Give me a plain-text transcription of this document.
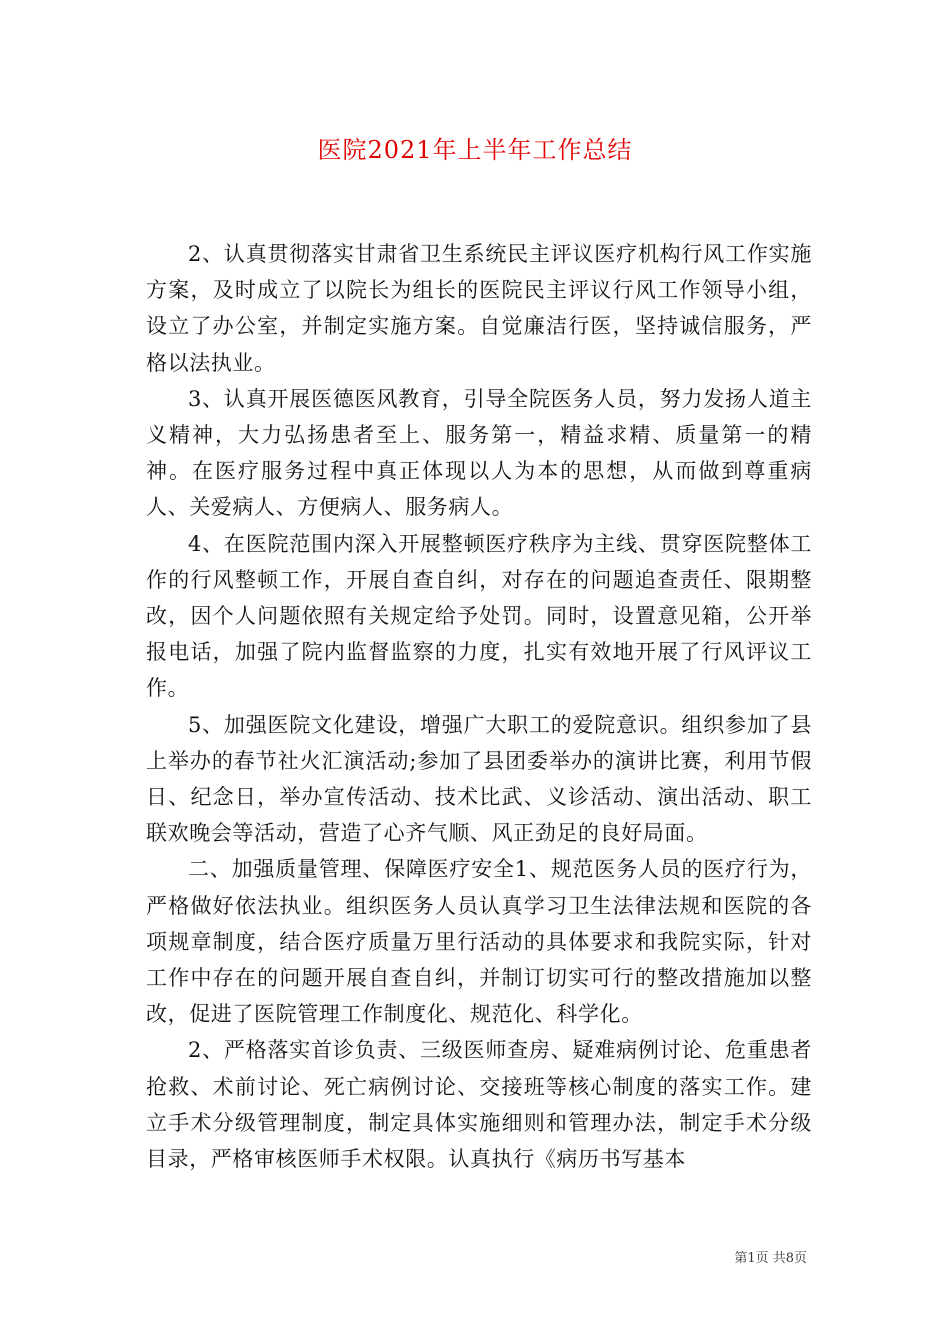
医院2021年上半年工作总结

2、认真贯彻落实甘肃省卫生系统民主评议医疗机构行风工作实施方案，及时成立了以院长为组长的医院民主评议行风工作领导小组，设立了办公室，并制定实施方案。自觉廉洁行医，坚持诚信服务，严格以法执业。

3、认真开展医德医风教育，引导全院医务人员，努力发扬人道主义精神，大力弘扬患者至上、服务第一，精益求精、质量第一的精神。在医疗服务过程中真正体现以人为本的思想，从而做到尊重病人、关爱病人、方便病人、服务病人。

4、在医院范围内深入开展整顿医疗秩序为主线、贯穿医院整体工作的行风整顿工作，开展自查自纠，对存在的问题追查责任、限期整改，因个人问题依照有关规定给予处罚。同时，设置意见箱，公开举报电话，加强了院内监督监察的力度，扎实有效地开展了行风评议工作。

5、加强医院文化建设，增强广大职工的爱院意识。组织参加了县上举办的春节社火汇演活动;参加了县团委举办的演讲比赛，利用节假日、纪念日，举办宣传活动、技术比武、义诊活动、演出活动、职工联欢晚会等活动，营造了心齐气顺、风正劲足的良好局面。

二、加强质量管理、保障医疗安全1、规范医务人员的医疗行为，严格做好依法执业。组织医务人员认真学习卫生法律法规和医院的各项规章制度，结合医疗质量万里行活动的具体要求和我院实际，针对工作中存在的问题开展自查自纠，并制订切实可行的整改措施加以整改，促进了医院管理工作制度化、规范化、科学化。

2、严格落实首诊负责、三级医师查房、疑难病例讨论、危重患者抢救、术前讨论、死亡病例讨论、交接班等核心制度的落实工作。建立手术分级管理制度，制定具体实施细则和管理办法，制定手术分级目录，严格审核医师手术权限。认真执行《病历书写基本

第1页 共8页
